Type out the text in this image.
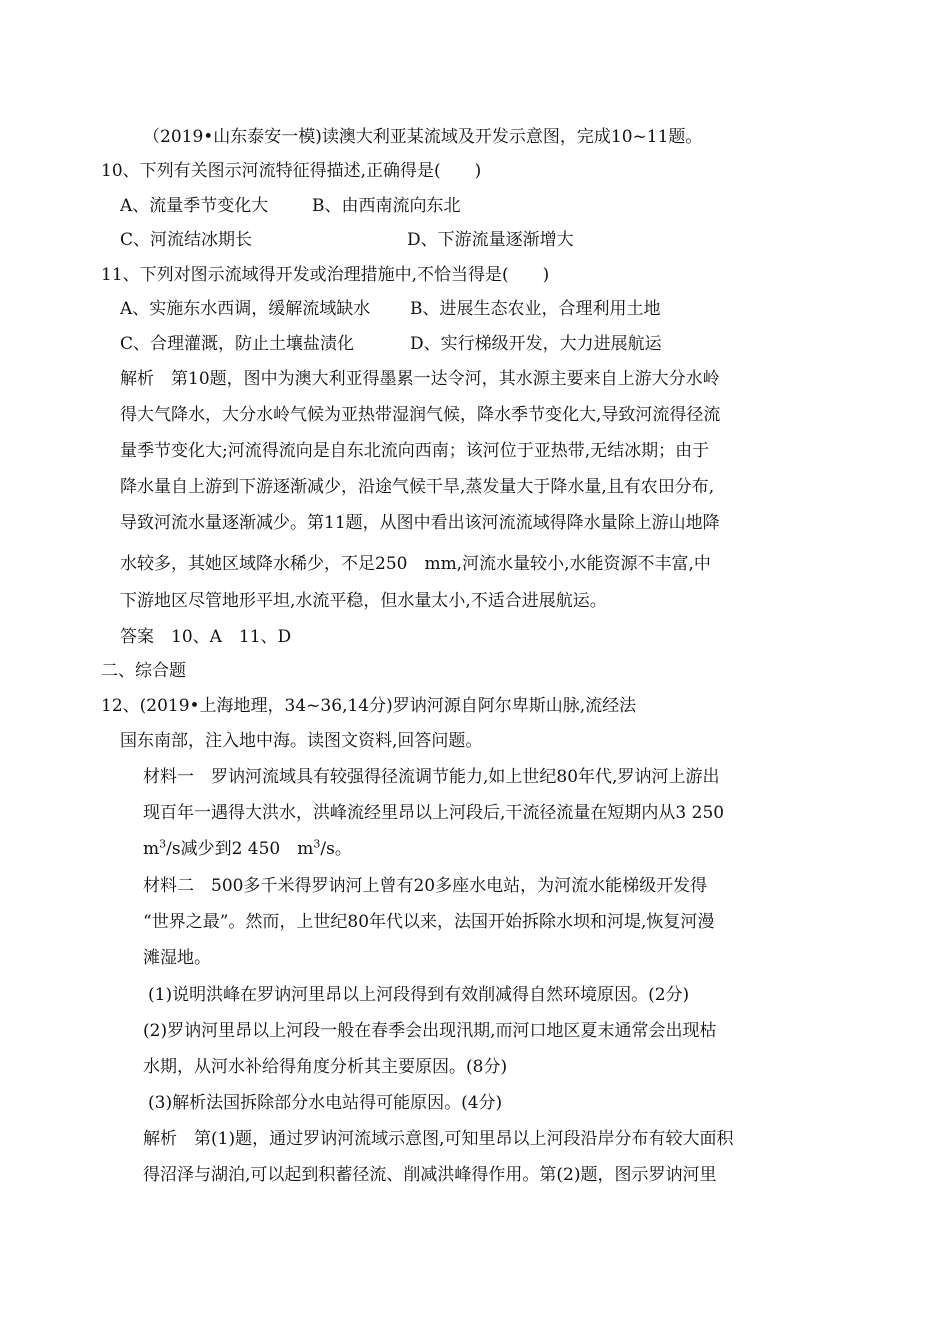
（2019•山东泰安一模)读澳大利亚某流域及开发示意图，完成10~11题。
10、下列有关图示河流特征得描述,正确得是(　　)
A、流量季节变化大	B、由西南流向东北
C、河流结冰期长	D、下游流量逐渐增大
11、下列对图示流域得开发或治理措施中,不恰当得是(　　)
A、实施东水西调，缓解流域缺水 B、进展生态农业，合理利用土地
C、合理灌溉，防止土壤盐渍化	D、实行梯级开发，大力进展航运
解析　第10题，图中为澳大利亚得墨累一达令河，其水源主要来自上游大分水岭
得大气降水，大分水岭气候为亚热带湿润气候，降水季节变化大,导致河流得径流
量季节变化大;河流得流向是自东北流向西南；该河位于亚热带,无结冰期；由于
降水量自上游到下游逐渐减少，沿途气候干旱,蒸发量大于降水量,且有农田分布,
导致河流水量逐渐减少。第11题，从图中看出该河流流域得降水量除上游山地降
水较多，其她区域降水稀少，不足250　mm,河流水量较小,水能资源不丰富,中
下游地区尽管地形平坦,水流平稳，但水量太小,不适合进展航运。
答案　10、A　11、D
二、综合题
12、(2019•上海地理，34~36,14分)罗讷河源自阿尔卑斯山脉,流经法
国东南部，注入地中海。读图文资料,回答问题。
材料一　罗讷河流域具有较强得径流调节能力,如上世纪80年代,罗讷河上游出
现百年一遇得大洪水，洪峰流经里昂以上河段后,干流径流量在短期内从3 250
$m^3/s$减少到2 450　$m^3/s$。
材料二　500多千米得罗讷河上曾有20多座水电站，为河流水能梯级开发得
“世界之最”。然而，上世纪80年代以来，法国开始拆除水坝和河堤,恢复河漫
滩湿地。
(1)说明洪峰在罗讷河里昂以上河段得到有效削减得自然环境原因。(2分)
(2)罗讷河里昂以上河段一般在春季会出现汛期,而河口地区夏末通常会出现枯
水期，从河水补给得角度分析其主要原因。(8分)
(3)解析法国拆除部分水电站得可能原因。(4分)
解析　第(1)题，通过罗讷河流域示意图,可知里昂以上河段沿岸分布有较大面积
得沼泽与湖泊,可以起到积蓄径流、削减洪峰得作用。第(2)题，图示罗讷河里
